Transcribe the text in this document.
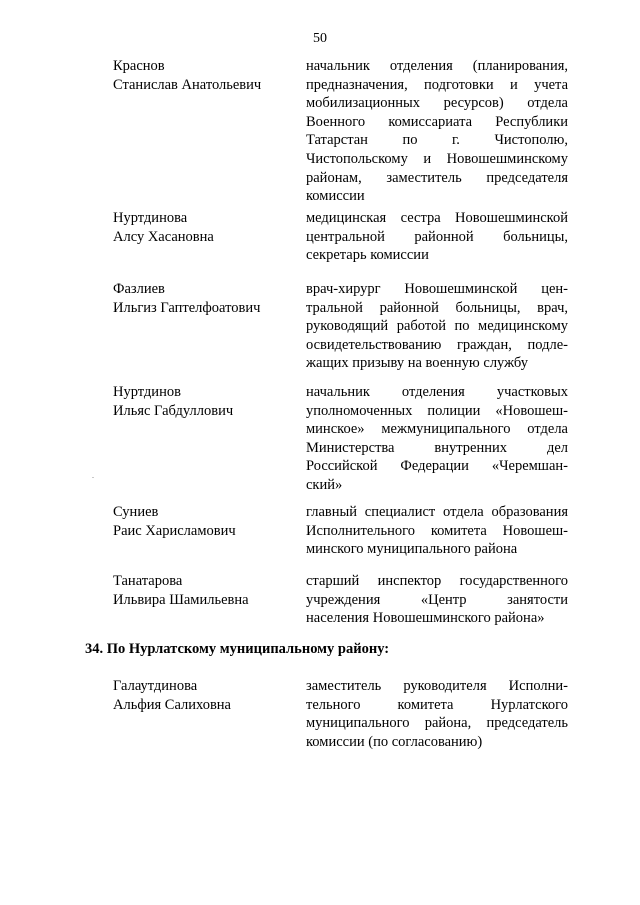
50
Краснов
Станислав Анатольевич
начальник отделения (планирования,
предназначения, подготовки и учета
мобилизационных ресурсов) отдела
Военного комиссариата Республики
Татарстан по г. Чистополю,
Чистопольскому и Новошешминскому
районам, заместитель председателя
комиссии
Нуртдинова
Алсу Хасановна
медицинская сестра Новошешминской
центральной районной больницы,
секретарь комиссии
Фазлиев
Ильгиз Гаптелфоатович
врач-хирург Новошешминской цен-
тральной районной больницы, врач,
руководящий работой по медицинскому
освидетельствованию граждан, подле-
жащих призыву на военную службу
Нуртдинов
Ильяс Габдуллович
начальник отделения участковых
уполномоченных полиции «Новошеш-
минское» межмуниципального отдела
Министерства внутренних дел
Российской Федерации «Черемшан-
ский»
Суниев
Раис Харисламович
главный специалист отдела образования
Исполнительного комитета Новошеш-
минского муниципального района
Танатарова
Ильвира Шамильевна
старший инспектор государственного
учреждения «Центр занятости
населения Новошешминского района»
34. По Нурлатскому муниципальному району:
Галаутдинова
Альфия Салиховна
заместитель руководителя Исполни-
тельного комитета Нурлатского
муниципального района, председатель
комиссии (по согласованию)
